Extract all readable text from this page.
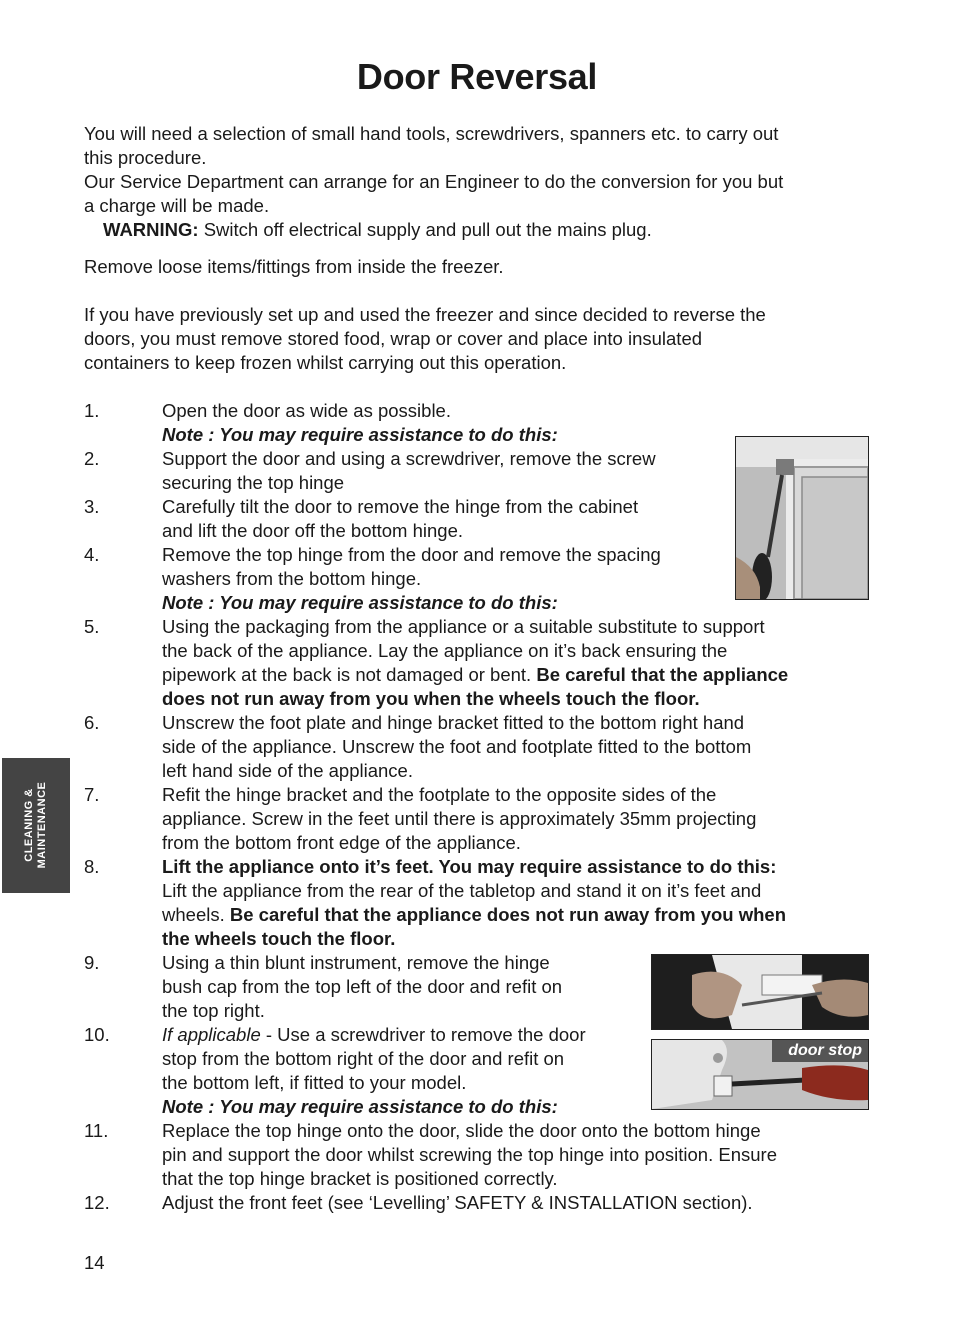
Door Reversal
You will need a selection of small hand tools, screwdrivers, spanners etc. to carry out
this procedure.
Our Service Department can arrange for an Engineer to do the conversion for you but
a charge will be made.
WARNING: Switch off electrical supply and pull out the mains plug.
Remove loose items/fittings from inside the freezer.
If you have previously set up and used the freezer and since decided to reverse the
doors, you must remove stored food, wrap or cover and place into insulated
containers to keep frozen whilst carrying out this operation.
1.	Open the door as wide as possible.
Note : You may require assistance to do this:
2.	Support the door and using a screwdriver, remove the screw
securing the top hinge
3.	Carefully tilt the door to remove the hinge from the cabinet
and lift the door off the bottom hinge.
4.	Remove the top hinge from the door and remove the spacing
washers from the bottom hinge.
Note : You may require assistance to do this:
5.	Using the packaging from the appliance or a suitable substitute to support
the back of the appliance. Lay the appliance on it’s back ensuring the
pipework at the back is not damaged or bent. Be careful that the appliance
does not run away from you when the wheels touch the floor.
6.	Unscrew the foot plate and hinge bracket fitted to the bottom right hand
side of the appliance. Unscrew the foot and footplate fitted to the bottom
left hand side of the appliance.
7.	Refit the hinge bracket and the footplate to the opposite sides of the
appliance. Screw in the feet until there is approximately 35mm projecting
from the bottom front edge of the appliance.
8.	Lift the appliance onto it’s feet. You may require assistance to do this:
Lift the appliance from the rear of the tabletop and stand it on it’s feet and
wheels. Be careful that the appliance does not run away from you when
the wheels touch the floor.
9.	Using a thin blunt instrument, remove the hinge
bush cap from the top left of the door and refit on
the top right.
10.	If applicable - Use a screwdriver to remove the door
stop from the bottom right of the door and refit on
the bottom left, if fitted to your model.
Note : You may require assistance to do this:
door stop
11.	Replace the top hinge onto the door, slide the door onto the bottom hinge
pin and support the door whilst screwing the top hinge into position. Ensure
that the top hinge bracket is positioned correctly.
12.	Adjust the front feet (see ‘Levelling’ SAFETY & INSTALLATION section).
CLEANING & MAINTENANCE
14
